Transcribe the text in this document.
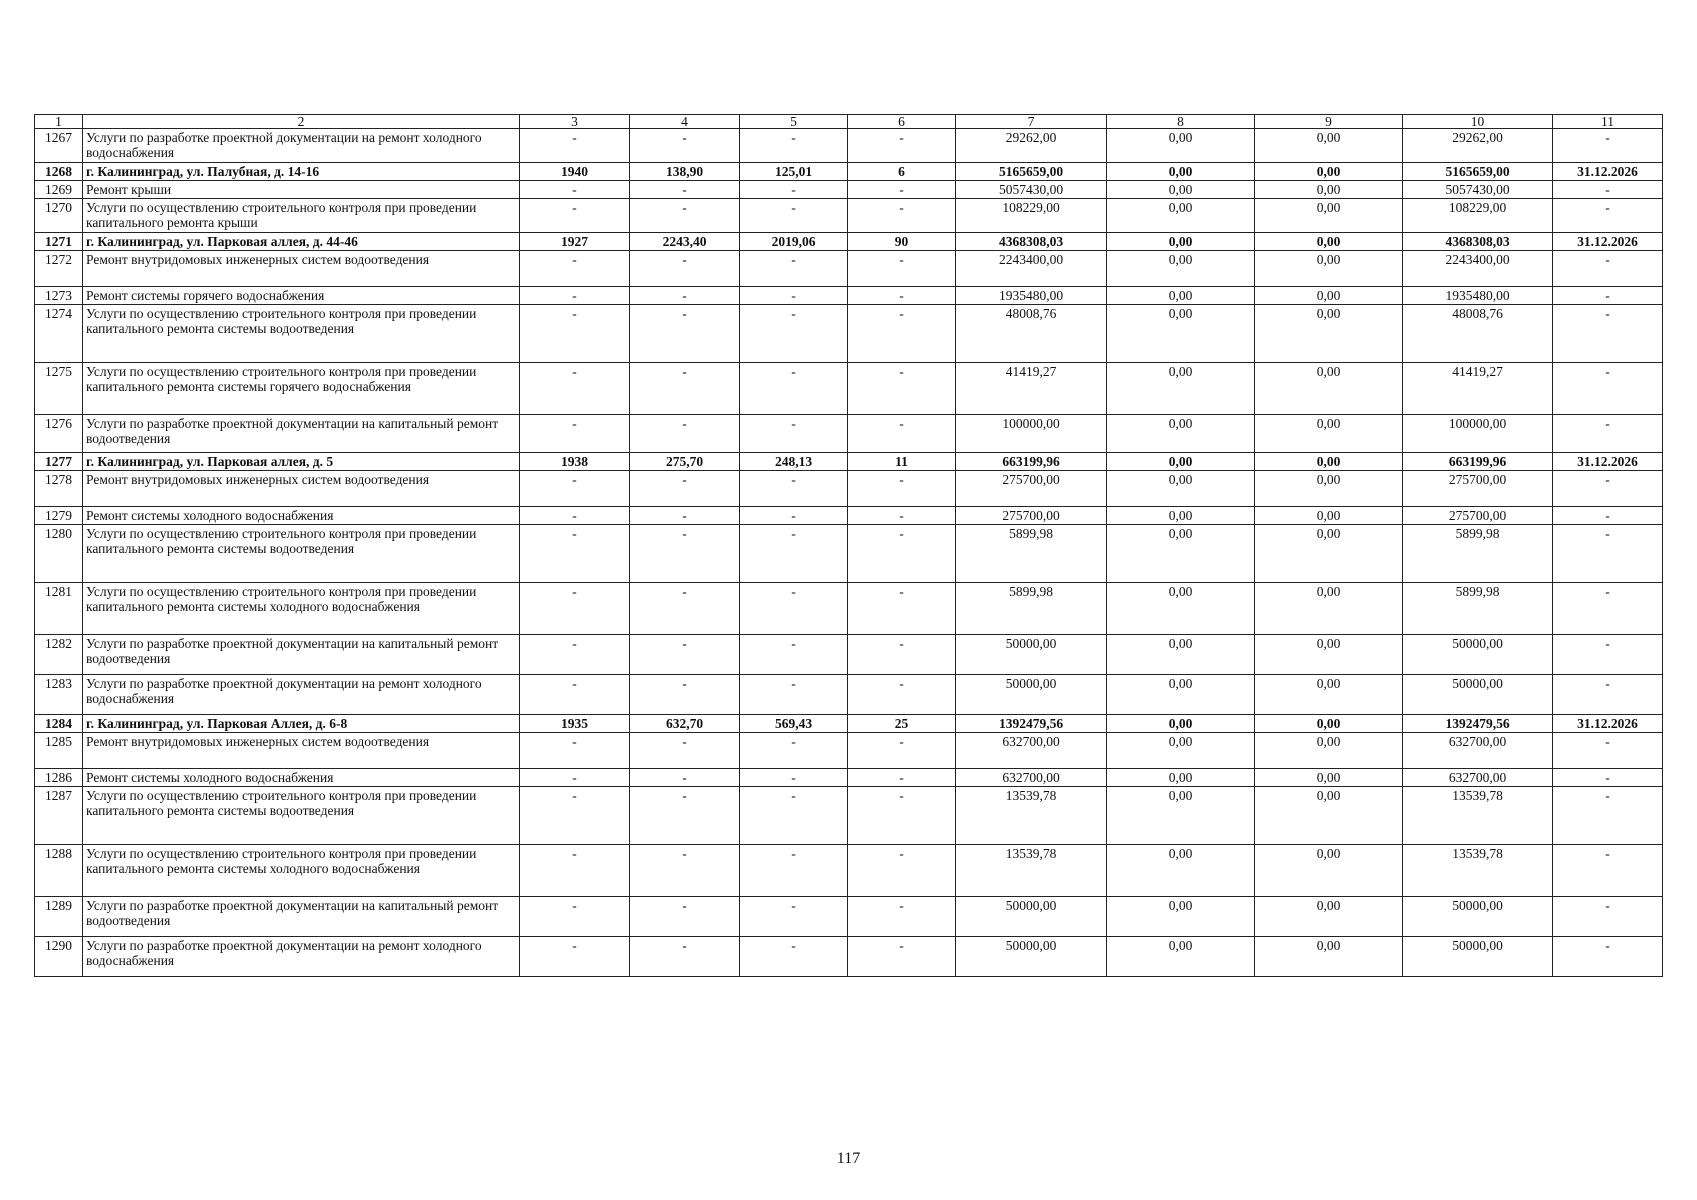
1	2	3	4	5	6	7	8	9	10	11
1267	Услуги по разработке проектной документации на ремонт холодного водоснабжения	-	-	-	-	29262,00	0,00	0,00	29262,00	-
1268	г. Калининград, ул. Палубная, д. 14-16	1940	138,90	125,01	6	5165659,00	0,00	0,00	5165659,00	31.12.2026
1269	Ремонт крыши	-	-	-	-	5057430,00	0,00	0,00	5057430,00	-
1270	Услуги по осуществлению строительного контроля при проведении капитального ремонта крыши	-	-	-	-	108229,00	0,00	0,00	108229,00	-
1271	г. Калининград, ул. Парковая аллея, д. 44-46	1927	2243,40	2019,06	90	4368308,03	0,00	0,00	4368308,03	31.12.2026
1272	Ремонт внутридомовых инженерных систем водоотведения	-	-	-	-	2243400,00	0,00	0,00	2243400,00	-
1273	Ремонт системы горячего водоснабжения	-	-	-	-	1935480,00	0,00	0,00	1935480,00	-
1274	Услуги по осуществлению строительного контроля при проведении капитального ремонта системы водоотведения	-	-	-	-	48008,76	0,00	0,00	48008,76	-
1275	Услуги по осуществлению строительного контроля при проведении капитального ремонта системы горячего водоснабжения	-	-	-	-	41419,27	0,00	0,00	41419,27	-
1276	Услуги по разработке проектной документации на капитальный ремонт водоотведения	-	-	-	-	100000,00	0,00	0,00	100000,00	-
1277	г. Калининград, ул. Парковая аллея, д. 5	1938	275,70	248,13	11	663199,96	0,00	0,00	663199,96	31.12.2026
1278	Ремонт внутридомовых инженерных систем водоотведения	-	-	-	-	275700,00	0,00	0,00	275700,00	-
1279	Ремонт системы холодного водоснабжения	-	-	-	-	275700,00	0,00	0,00	275700,00	-
1280	Услуги по осуществлению строительного контроля при проведении капитального ремонта системы водоотведения	-	-	-	-	5899,98	0,00	0,00	5899,98	-
1281	Услуги по осуществлению строительного контроля при проведении капитального ремонта системы холодного водоснабжения	-	-	-	-	5899,98	0,00	0,00	5899,98	-
1282	Услуги по разработке проектной документации на капитальный ремонт водоотведения	-	-	-	-	50000,00	0,00	0,00	50000,00	-
1283	Услуги по разработке проектной документации на ремонт холодного водоснабжения	-	-	-	-	50000,00	0,00	0,00	50000,00	-
1284	г. Калининград, ул. Парковая Аллея, д. 6-8	1935	632,70	569,43	25	1392479,56	0,00	0,00	1392479,56	31.12.2026
1285	Ремонт внутридомовых инженерных систем водоотведения	-	-	-	-	632700,00	0,00	0,00	632700,00	-
1286	Ремонт системы холодного водоснабжения	-	-	-	-	632700,00	0,00	0,00	632700,00	-
1287	Услуги по осуществлению строительного контроля при проведении капитального ремонта системы водоотведения	-	-	-	-	13539,78	0,00	0,00	13539,78	-
1288	Услуги по осуществлению строительного контроля при проведении капитального ремонта системы холодного водоснабжения	-	-	-	-	13539,78	0,00	0,00	13539,78	-
1289	Услуги по разработке проектной документации на капитальный ремонт водоотведения	-	-	-	-	50000,00	0,00	0,00	50000,00	-
1290	Услуги по разработке проектной документации на ремонт холодного водоснабжения	-	-	-	-	50000,00	0,00	0,00	50000,00	-
117
